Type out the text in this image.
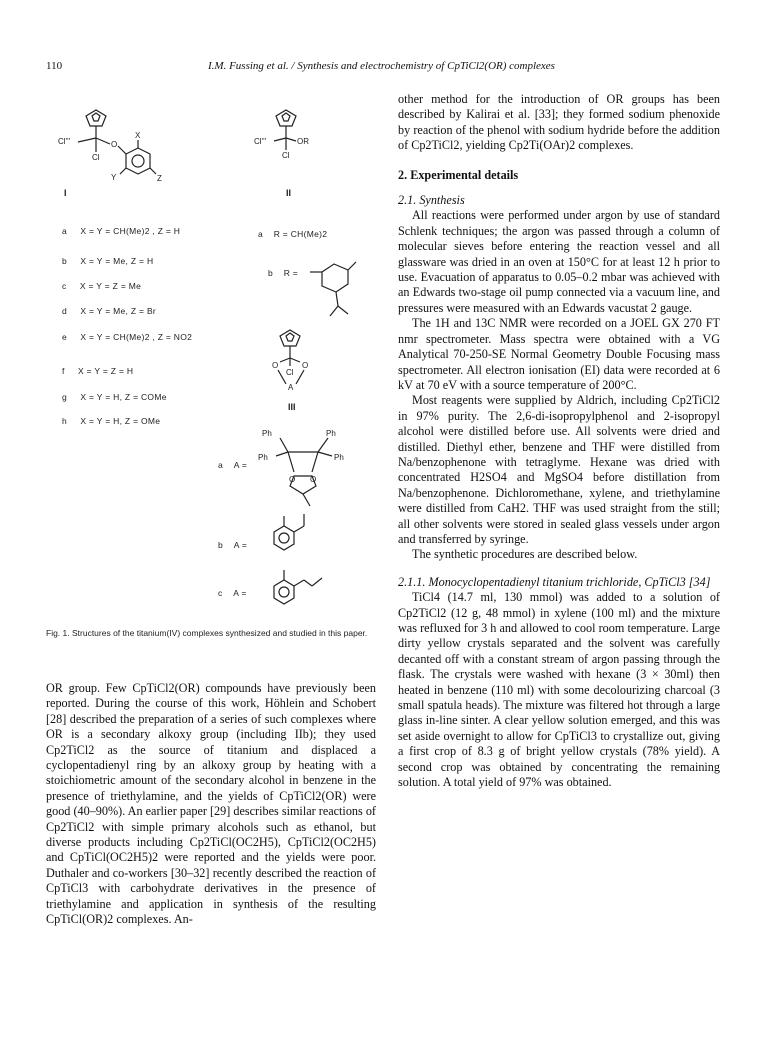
110	I.M. Fussing et al. / Synthesis and electrochemistry of CpTiCl2(OR) complexes
Cl'''
Cl
O
X
Y	Z
I
a X = Y = CH(Me)2 , Z = H
b X = Y = Me, Z = H
c X = Y = Z = Me
d X = Y = Me, Z = Br
e X = Y = CH(Me)2 , Z = NO2
f X = Y = Z = H
g X = Y = H, Z = COMe
h X = Y = H, Z = OMe
Cl'''
Cl
OR
II
a R = CH(Me)2
b R =
O	O
Cl
A
III
a A =
Ph	Ph
Ph	Ph
O O
b A =
c A =
Fig. 1. Structures of the titanium(IV) complexes synthesized and studied in this paper.

OR group. Few CpTiCl2(OR) compounds have previously been reported. During the course of this work, Höhlein and Schobert [28] described the preparation of a series of such complexes where OR is a secondary alkoxy group (including IIb); they used Cp2TiCl2 as the source of titanium and displaced a cyclopentadienyl ring by an alkoxy group by heating with a stoichiometric amount of the secondary alcohol in benzene in the presence of triethylamine, and the yields of CpTiCl2(OR) were good (40–90%). An earlier paper [29] describes similar reactions of Cp2TiCl2 with simple primary alcohols such as ethanol, but diverse products including Cp2TiCl(OC2H5), CpTiCl2(OC2H5) and CpTiCl(OC2H5)2 were reported and the yields were poor. Duthaler and co-workers [30–32] recently described the reaction of CpTiCl3 with carbohydrate derivatives in the presence of triethylamine and application in synthesis of the resulting CpTiCl(OR)2 complexes. An-

other method for the introduction of OR groups has been described by Kalirai et al. [33]; they formed sodium phenoxide by reaction of the phenol with sodium hydride before the addition of Cp2TiCl2, yielding Cp2Ti(OAr)2 complexes.

2. Experimental details

2.1. Synthesis

All reactions were performed under argon by use of standard Schlenk techniques; the argon was passed through a column of molecular sieves before entering the reaction vessel and all glassware was dried in an oven at 150°C for at least 12 h prior to use. Evacuation of apparatus to 0.05–0.2 mbar was achieved with an Edwards two-stage oil pump connected via a vacuum line, and pressures were measured with an Edwards vacustat 2 gauge.

The 1H and 13C NMR were recorded on a JOEL GX 270 FT nmr spectrometer. Mass spectra were obtained with a VG Analytical 70-250-SE Normal Geometry Double Focusing mass spectrometer. All electron ionisation (EI) data were recorded at 6 kV at 70 eV with a source temperature of 200°C.

Most reagents were supplied by Aldrich, including Cp2TiCl2 in 97% purity. The 2,6-di-isopropylphenol and 2-isopropyl alcohol were distilled before use. All solvents were dried and distilled. Diethyl ether, benzene and THF were distilled from Na/benzophenone with tetraglyme. Hexane was dried with concentrated H2SO4 and MgSO4 before distillation from Na/benzophenone. Dichloromethane, xylene, and triethylamine were distilled from CaH2. THF was used straight from the still; all other solvents were stored in sealed glass vessels under argon and transferred by syringe.

The synthetic procedures are described below.

2.1.1. Monocyclopentadienyl titanium trichloride, CpTiCl3 [34]

TiCl4 (14.7 ml, 130 mmol) was added to a solution of Cp2TiCl2 (12 g, 48 mmol) in xylene (100 ml) and the mixture was refluxed for 3 h and allowed to cool room temperature. Large dirty yellow crystals separated and the solvent was carefully decanted off with a constant stream of argon passing through the flask. The crystals were washed with hexane (3 × 30ml) then heated in benzene (110 ml) with some decolourizing charcoal (3 small spatula heads). The mixture was filtered hot through a large glass in-line sinter. A clear yellow solution emerged, and this was set aside overnight to allow for CpTiCl3 to crystallize out, giving a first crop of 8.3 g of bright yellow crystals (78% yield). A second crop was obtained by concentrating the remaining solution. A total yield of 97% was obtained.
